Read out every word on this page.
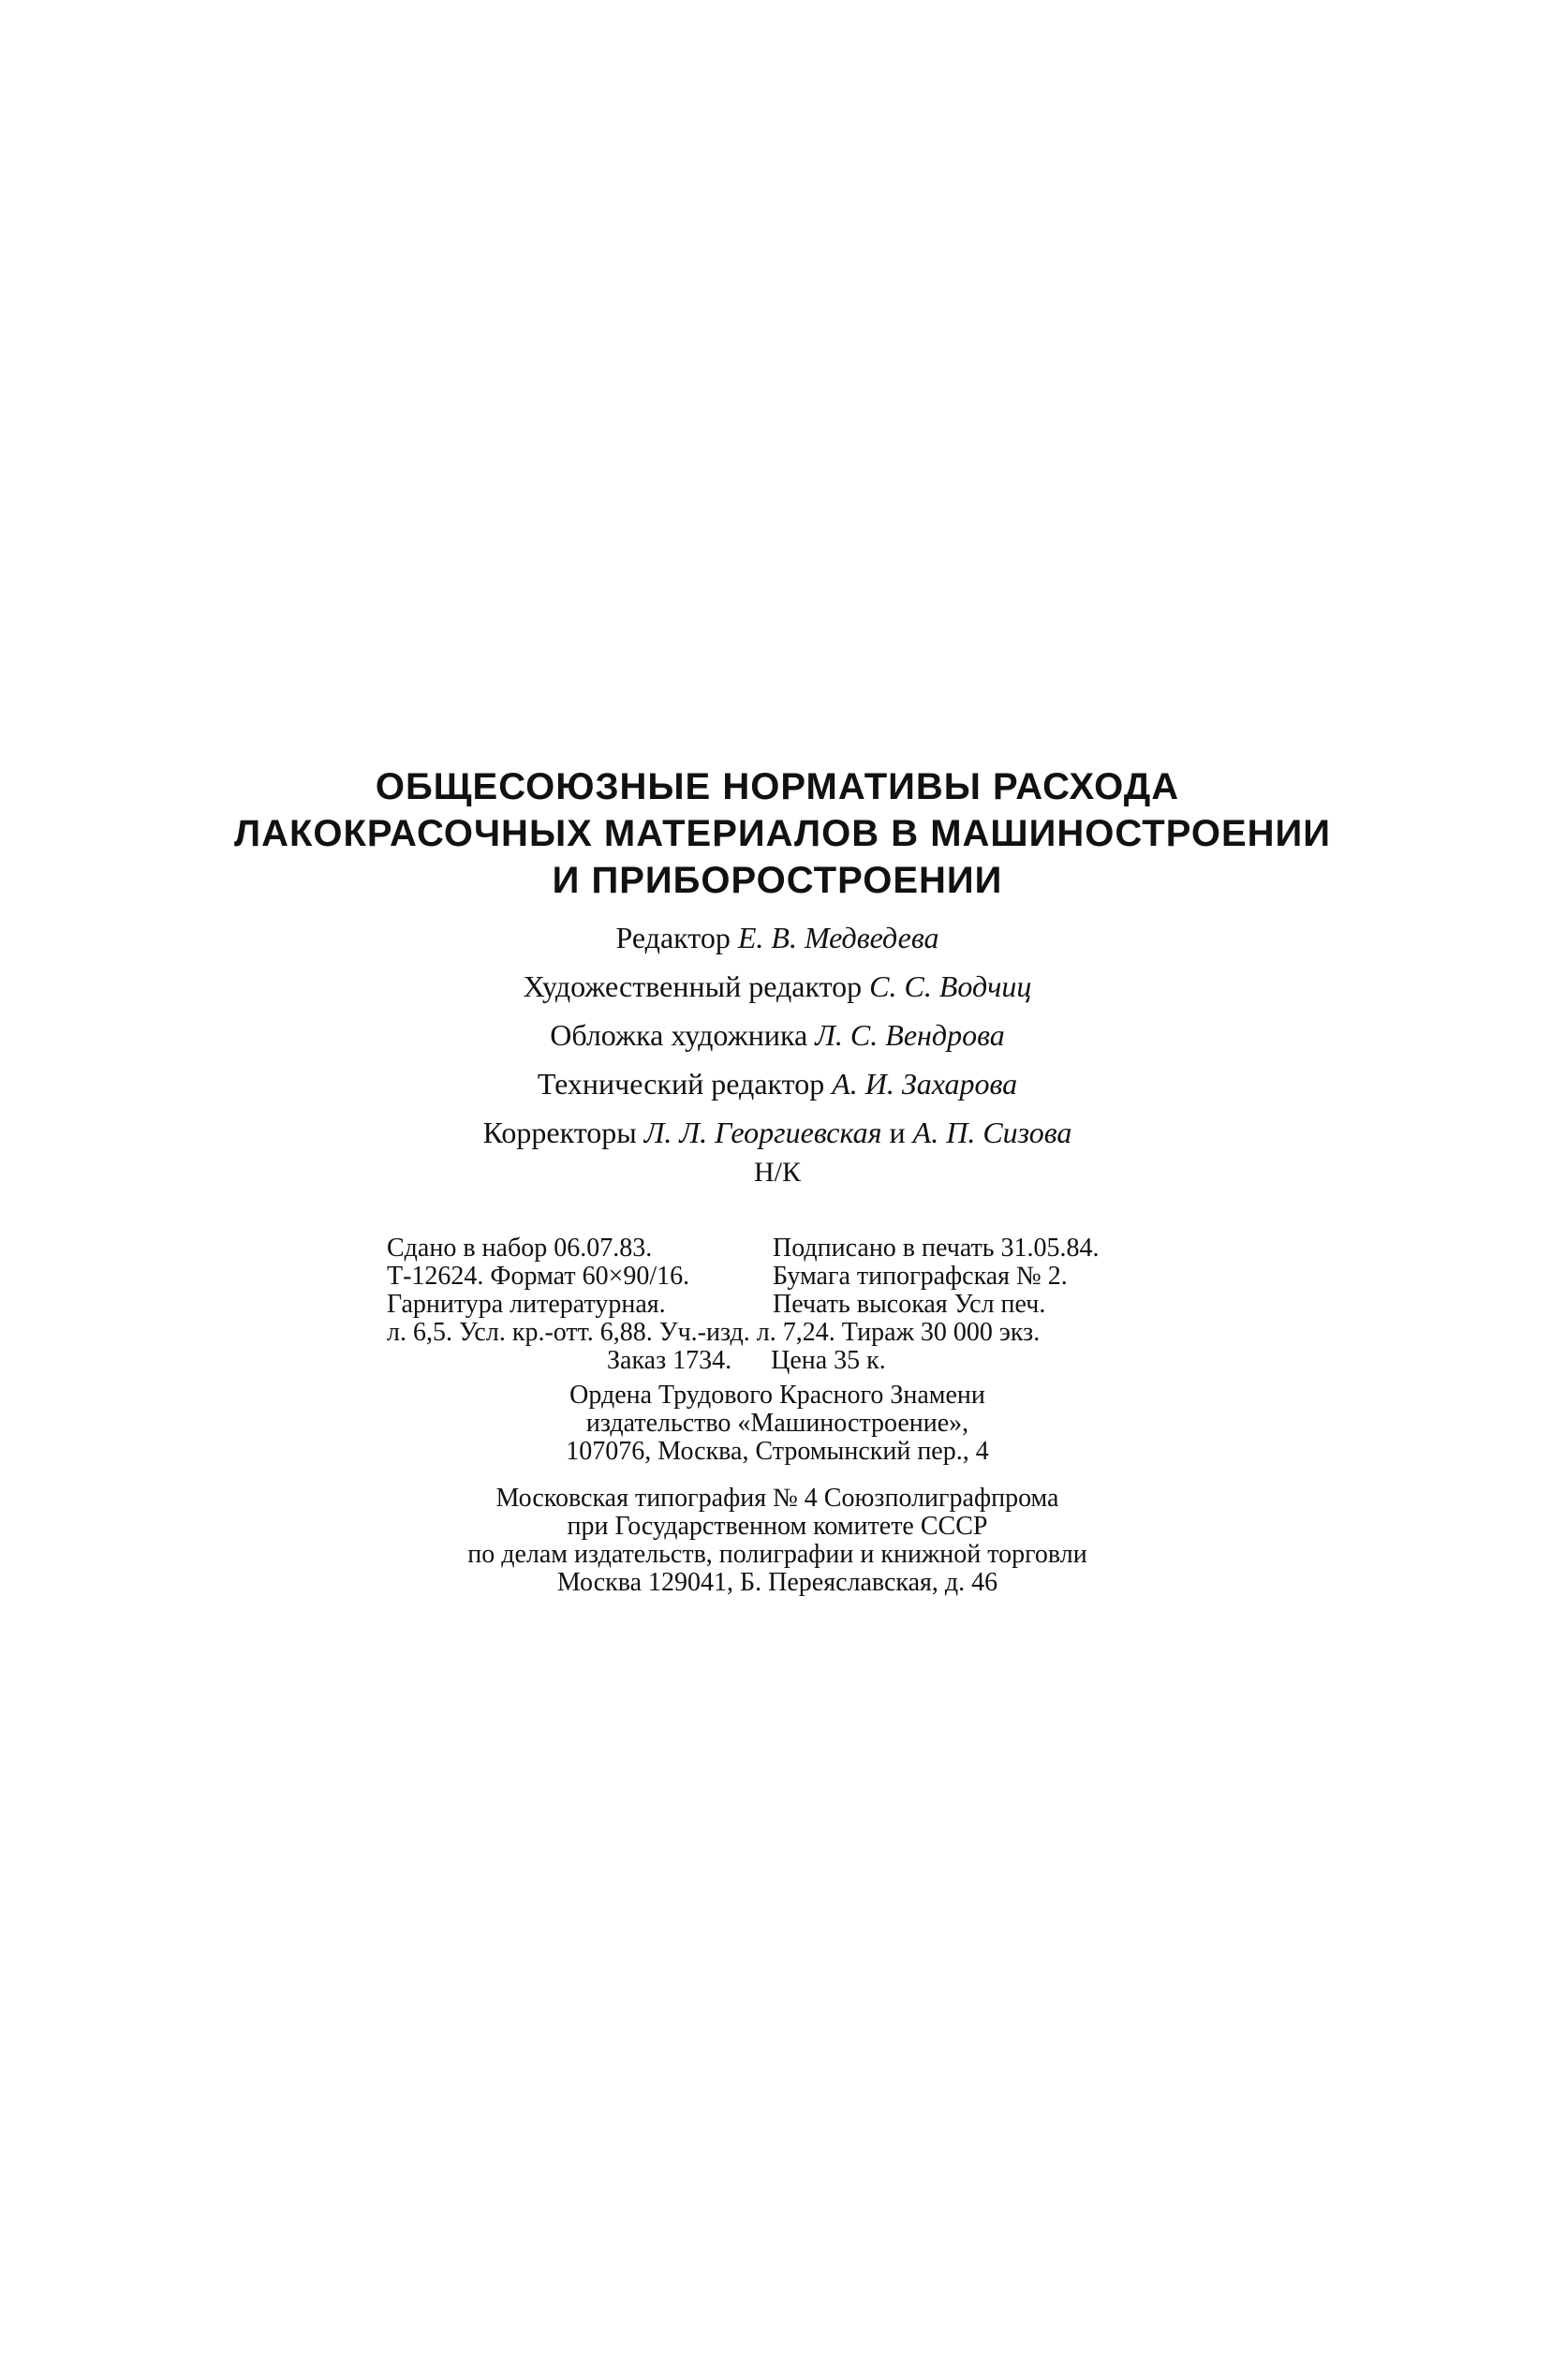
ОБЩЕСОЮЗНЫЕ НОРМАТИВЫ РАСХОДА
ЛАКОКРАСОЧНЫХ МАТЕРИАЛОВ В МАШИНОСТРОЕНИИ
И ПРИБОРОСТРОЕНИИ
Редактор Е. В. Медведева
Художественный редактор С. С. Водчиц
Обложка художника Л. С. Вендрова
Технический редактор А. И. Захарова
Корректоры Л. Л. Георгиевская и А. П. Сизова
Н/К
Сдано в набор 06.07.83.	Подписано в печать 31.05.84.
Т-12624. Формат 60×90/16.	Бумага типографская № 2.
Гарнитура литературная.	Печать высокая Усл печ.
л. 6,5. Усл. кр.-отт. 6,88. Уч.-изд. л. 7,24. Тираж 30 000 экз.
Заказ 1734. Цена 35 к.
Ордена Трудового Красного Знамени
издательство «Машиностроение»,
107076, Москва, Стромынский пер., 4
Московская типография № 4 Союзполиграфпрома
при Государственном комитете СССР
по делам издательств, полиграфии и книжной торговли
Москва 129041, Б. Переяславская, д. 46
